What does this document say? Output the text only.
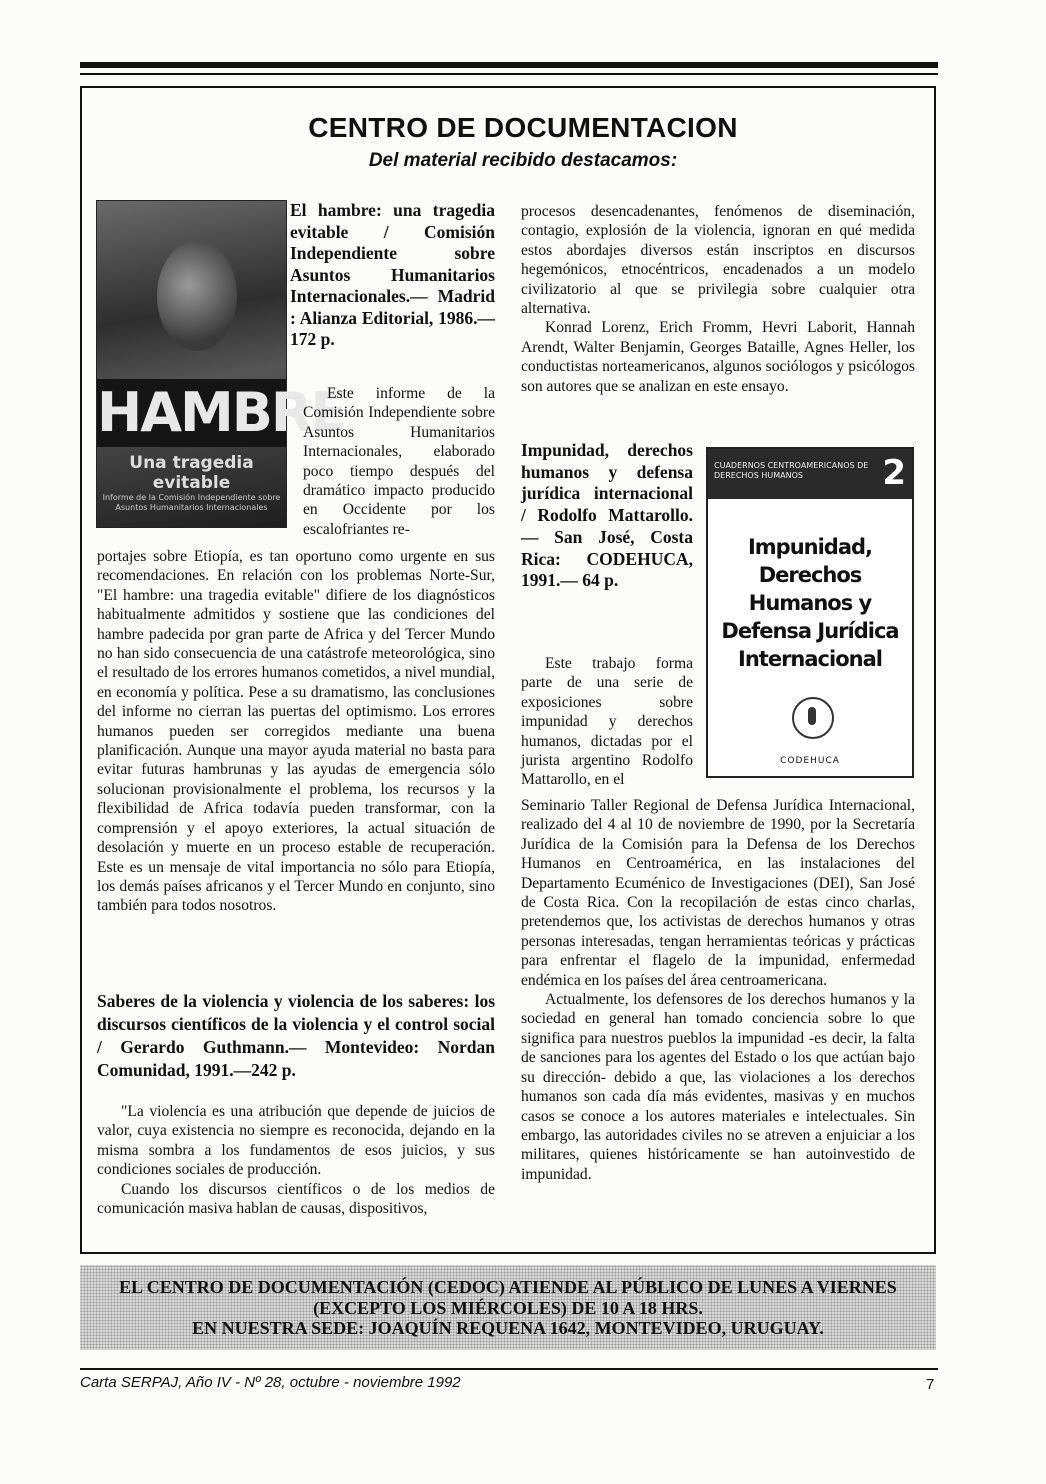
CENTRO DE DOCUMENTACION
Del material recibido destacamos:
HAMBRE
Una tragedia evitable
Informe de la Comisión Independiente sobre Asuntos Humanitarios Internacionales
El hambre: una tragedia evitable / Comisión Independiente sobre Asuntos Humanitarios Internacionales.— Madrid : Alianza Editorial, 1986.— 172 p.

Este informe de la Comisión Independiente sobre Asuntos Humanitarios Internacionales, elaborado poco tiempo después del dramático impacto producido en Occidente por los escalofriantes re-

portajes sobre Etiopía, es tan oportuno como urgente en sus recomendaciones. En relación con los problemas Norte-Sur, "El hambre: una tragedia evitable" difiere de los diagnósticos habitualmente admitidos y sostiene que las condiciones del hambre padecida por gran parte de Africa y del Tercer Mundo no han sido consecuencia de una catástrofe meteorológica, sino el resultado de los errores humanos cometidos, a nivel mundial, en economía y política. Pese a su dramatismo, las conclusiones del informe no cierran las puertas del optimismo. Los errores humanos pueden ser corregidos mediante una buena planificación. Aunque una mayor ayuda material no basta para evitar futuras hambrunas y las ayudas de emergencia sólo solucionan provisionalmente el problema, los recursos y la flexibilidad de Africa todavía pueden transformar, con la comprensión y el apoyo exteriores, la actual situación de desolación y muerte en un proceso estable de recuperación. Este es un mensaje de vital importancia no sólo para Etiopía, los demás países africanos y el Tercer Mundo en conjunto, sino también para todos nosotros.
Saberes de la violencia y violencia de los saberes: los discursos científicos de la violencia y el control social / Gerardo Guthmann.— Montevideo: Nordan Comunidad, 1991.—242 p.

"La violencia es una atribución que depende de juicios de valor, cuya existencia no siempre es reconocida, dejando en la misma sombra a los fundamentos de esos juicios, y sus condiciones sociales de producción.

Cuando los discursos científicos o de los medios de comunicación masiva hablan de causas, dispositivos,

procesos desencadenantes, fenómenos de diseminación, contagio, explosión de la violencia, ignoran en qué medida estos abordajes diversos están inscriptos en discursos hegemónicos, etnocéntricos, encadenados a un modelo civilizatorio al que se privilegia sobre cualquier otra alternativa.

Konrad Lorenz, Erich Fromm, Hevri Laborit, Hannah Arendt, Walter Benjamin, Georges Bataille, Agnes Heller, los conductistas norteamericanos, algunos sociólogos y psicólogos son autores que se analizan en este ensayo.

Impunidad, derechos humanos y defensa jurídica internacional / Rodolfo Mattarollo.— San José, Costa Rica: CODEHUCA, 1991.— 64 p.
CUADERNOS CENTROAMERICANOS DE DERECHOS HUMANOS	2
Impunidad, Derechos Humanos y Defensa Jurídica Internacional
CODEHUCA

Este trabajo forma parte de una serie de exposiciones sobre impunidad y derechos humanos, dictadas por el jurista argentino Rodolfo Mattarollo, en el

Seminario Taller Regional de Defensa Jurídica Internacional, realizado del 4 al 10 de noviembre de 1990, por la Secretaría Jurídica de la Comisión para la Defensa de los Derechos Humanos en Centroamérica, en las instalaciones del Departamento Ecuménico de Investigaciones (DEI), San José de Costa Rica. Con la recopilación de estas cinco charlas, pretendemos que, los activistas de derechos humanos y otras personas interesadas, tengan herramientas teóricas y prácticas para enfrentar el flagelo de la impunidad, enfermedad endémica en los países del área centroamericana.

Actualmente, los defensores de los derechos humanos y la sociedad en general han tomado conciencia sobre lo que significa para nuestros pueblos la impunidad -es decir, la falta de sanciones para los agentes del Estado o los que actúan bajo su dirección- debido a que, las violaciones a los derechos humanos son cada día más evidentes, masivas y en muchos casos se conoce a los autores materiales e intelectuales. Sin embargo, las autoridades civiles no se atreven a enjuiciar a los militares, quienes históricamente se han autoinvestido de impunidad.

EL CENTRO DE DOCUMENTACIÓN (CEDOC) ATIENDE AL PÚBLICO DE LUNES A VIERNES (EXCEPTO LOS MIÉRCOLES) DE 10 A 18 HRS.
EN NUESTRA SEDE: JOAQUÍN REQUENA 1642, MONTEVIDEO, URUGUAY.
Carta SERPAJ, Año IV - Nº 28, octubre - noviembre 1992	7
